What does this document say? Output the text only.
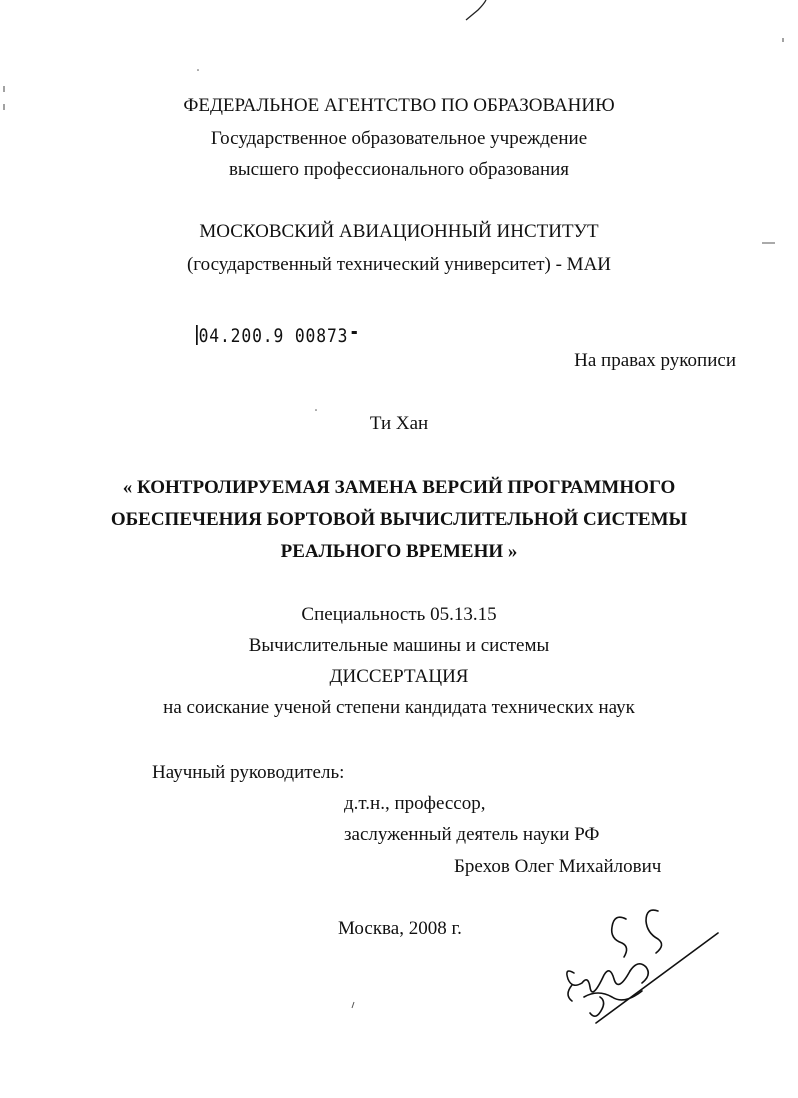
ФЕДЕРАЛЬНОЕ АГЕНТСТВО ПО ОБРАЗОВАНИЮ
Государственное образовательное учреждение
высшего профессионального образования
МОСКОВСКИЙ АВИАЦИОННЫЙ ИНСТИТУТ
(государственный технический университет) - МАИ
04.200.9 00873
На правах рукописи
Ти Хан
« КОНТРОЛИРУЕМАЯ ЗАМЕНА ВЕРСИЙ ПРОГРАММНОГО
ОБЕСПЕЧЕНИЯ БОРТОВОЙ ВЫЧИСЛИТЕЛЬНОЙ СИСТЕМЫ
РЕАЛЬНОГО ВРЕМЕНИ »
Специальность 05.13.15
Вычислительные машины и системы
ДИССЕРТАЦИЯ
на соискание ученой степени кандидата технических наук
Научный руководитель:
д.т.н., профессор,
заслуженный деятель науки РФ
Брехов Олег Михайлович
Москва, 2008 г.
